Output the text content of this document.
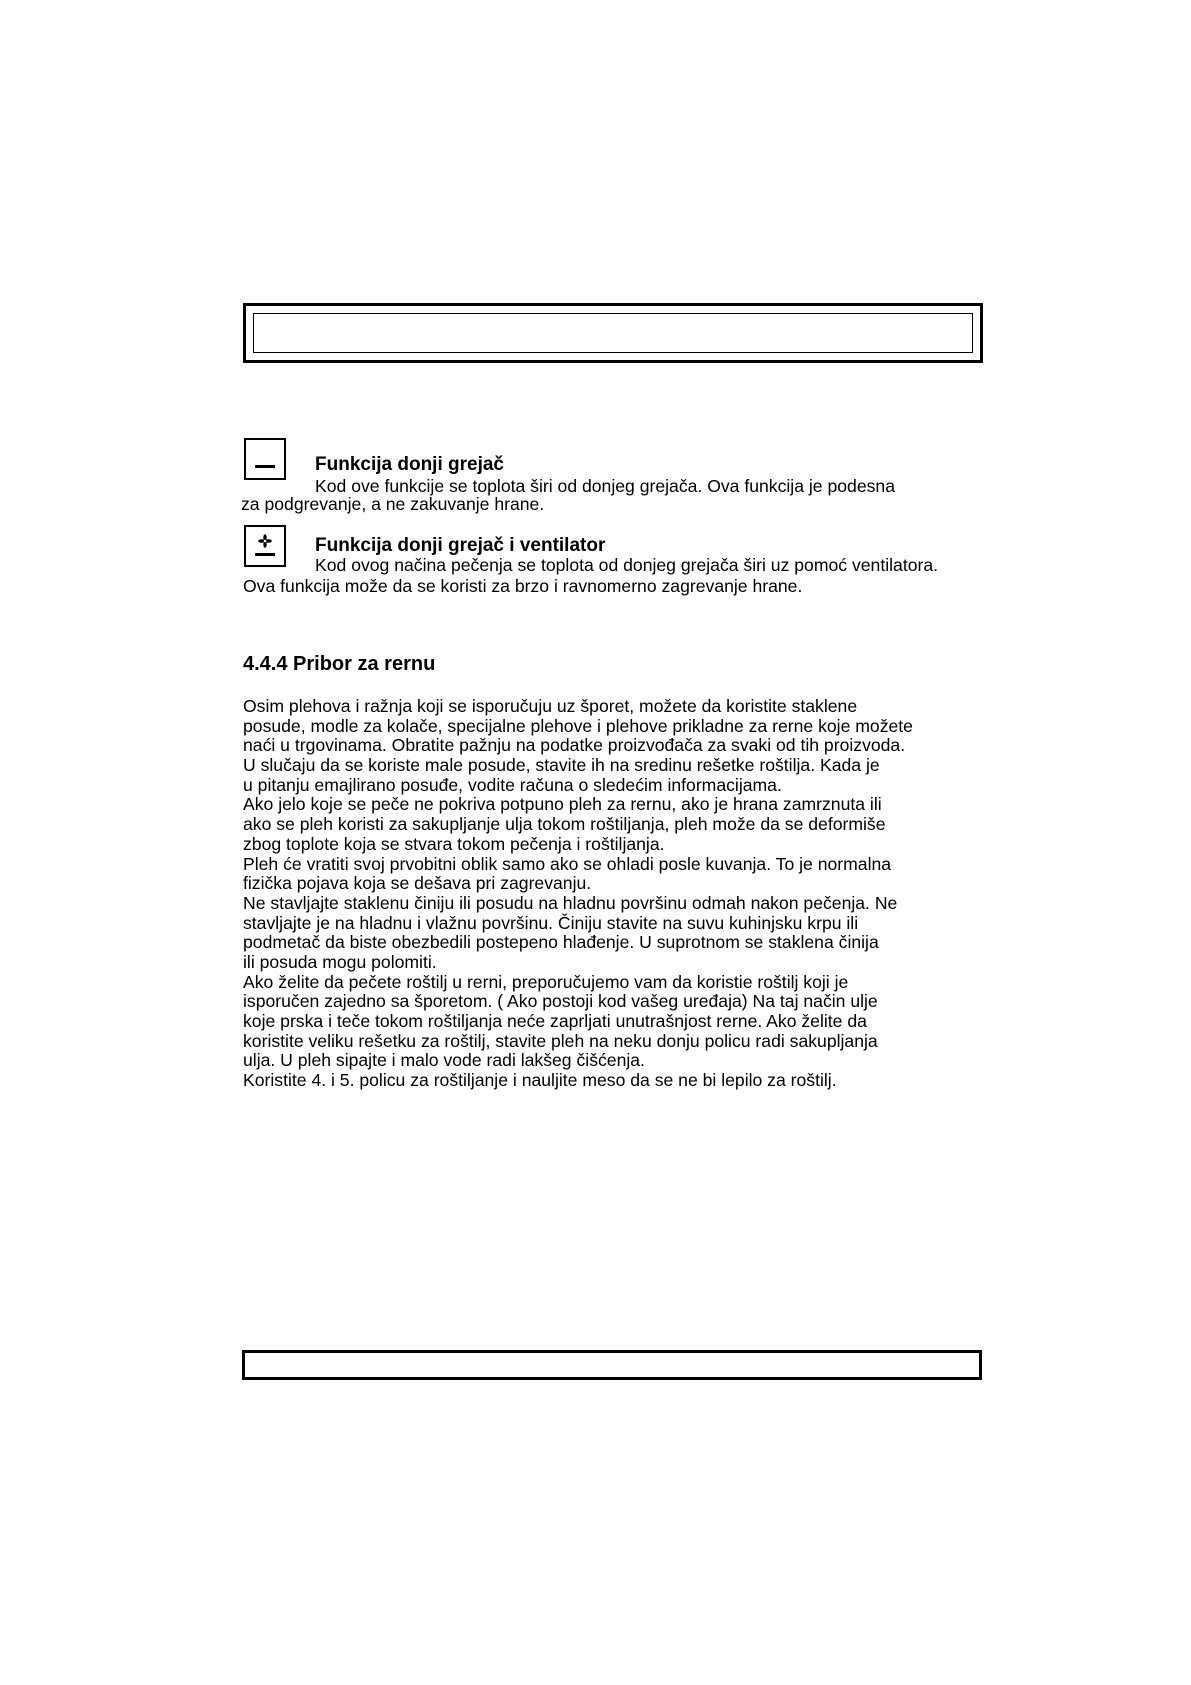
Funkcija donji grejač
Kod ove funkcije se toplota širi od donjeg grejača. Ova funkcija je podesna
za podgrevanje, a ne zakuvanje hrane.
Funkcija donji grejač i ventilator
Kod ovog načina pečenja se toplota od donjeg grejača širi uz pomoć ventilatora.
Ova funkcija može da se koristi za brzo i ravnomerno zagrevanje hrane.
4.4.4 Pribor za rernu
Osim plehova i ražnja koji se isporučuju uz šporet, možete da koristite staklene
posude, modle za kolače, specijalne plehove i plehove prikladne za rerne koje možete
naći u trgovinama. Obratite pažnju na podatke proizvođača za svaki od tih proizvoda.
U slučaju da se koriste male posude, stavite ih na sredinu rešetke roštilja. Kada je
u pitanju emajlirano posuđe, vodite računa o sledećim informacijama.
Ako jelo koje se peče ne pokriva potpuno pleh za rernu, ako je hrana zamrznuta ili
ako se pleh koristi za sakupljanje ulja tokom roštiljanja, pleh može da se deformiše
zbog toplote koja se stvara tokom pečenja i roštiljanja.
Pleh će vratiti svoj prvobitni oblik samo ako se ohladi posle kuvanja. To je normalna
fizička pojava koja se dešava pri zagrevanju.
Ne stavljajte staklenu činiju ili posudu na hladnu površinu odmah nakon pečenja. Ne
stavljajte je na hladnu i vlažnu površinu. Činiju stavite na suvu kuhinjsku krpu ili
podmetač da biste obezbedili postepeno hlađenje. U suprotnom se staklena činija
ili posuda mogu polomiti.
Ako želite da pečete roštilj u rerni, preporučujemo vam da koristie roštilj koji je
isporučen zajedno sa šporetom. ( Ako postoji kod vašeg uređaja) Na taj način ulje
koje prska i teče tokom roštiljanja neće zaprljati unutrašnjost rerne. Ako želite da
koristite veliku rešetku za roštilj, stavite pleh na neku donju policu radi sakupljanja
ulja. U pleh sipajte i malo vode radi lakšeg čišćenja.
Koristite 4. i 5. policu za roštiljanje i nauljite meso da se ne bi lepilo za roštilj.
